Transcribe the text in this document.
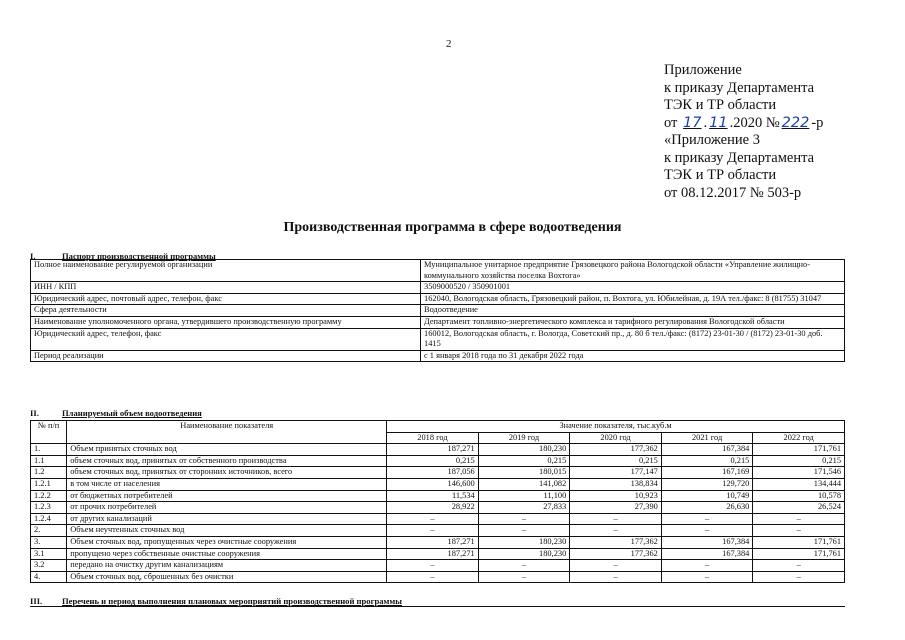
2
Приложение
к приказу Департамента
ТЭК и ТР области
от 17 . 11 .2020 № 222 -р
«Приложение 3
к приказу Департамента
ТЭК и ТР области
от 08.12.2017 № 503-р
Производственная программа в сфере водоотведения
I.	Паспорт производственной программы
Полное наименование регулируемой организации	Муниципальное унитарное предприятие Грязовецкого района Вологодской области «Управление жилищно-коммунального хозяйства поселка Вохтога»
ИНН / КПП	3509000520 / 350901001
Юридический адрес, почтовый адрес, телефон, факс	162040, Вологодская область, Грязовецкий район, п. Вохтога, ул. Юбилейная, д. 19А тел./факс: 8 (81755) 31047
Сфера деятельности	Водоотведение
Наименование уполномоченного органа, утвердившего производственную программу	Департамент топливно-энергетического комплекса и тарифного регулирования Вологодской области
Юридический адрес, телефон, факс	160012, Вологодская область, г. Вологда, Советский пр., д. 80 б тел./факс: (8172) 23-01-30 / (8172) 23-01-30 доб. 1415
Период реализации	с 1 января 2018 года по 31 декабря 2022 года
II.	Планируемый объем водоотведения
№ п/п	Наименование показателя	Значение показателя, тыс.куб.м				
		2018 год	2019 год	2020 год	2021 год	2022 год
1.	Объем принятых сточных вод	187,271	180,230	177,362	167,384	171,761
1.1	объем сточных вод, принятых от собственного производства	0,215	0,215	0,215	0,215	0,215
1.2	объем сточных вод, принятых от сторонних источников, всего	187,056	180,015	177,147	167,169	171,546
1.2.1	в том числе от населения	146,600	141,082	138,834	129,720	134,444
1.2.2	от бюджетных потребителей	11,534	11,100	10,923	10,749	10,578
1.2.3	от прочих потребителей	28,922	27,833	27,390	26,630	26,524
1.2.4	от других канализаций	–	–	–	–	–
2.	Объем неучтенных сточных вод	–	–	–	–	–
3.	Объем сточных вод, пропущенных через очистные сооружения	187,271	180,230	177,362	167,384	171,761
3.1	пропущено через собственные очистные сооружения	187,271	180,230	177,362	167,384	171,761
3.2	передано на очистку другим канализациям	–	–	–	–	–
4.	Объем сточных вод, сброшенных без очистки	–	–	–	–	–
III. Перечень и период выполнения плановых мероприятий производственной программы
